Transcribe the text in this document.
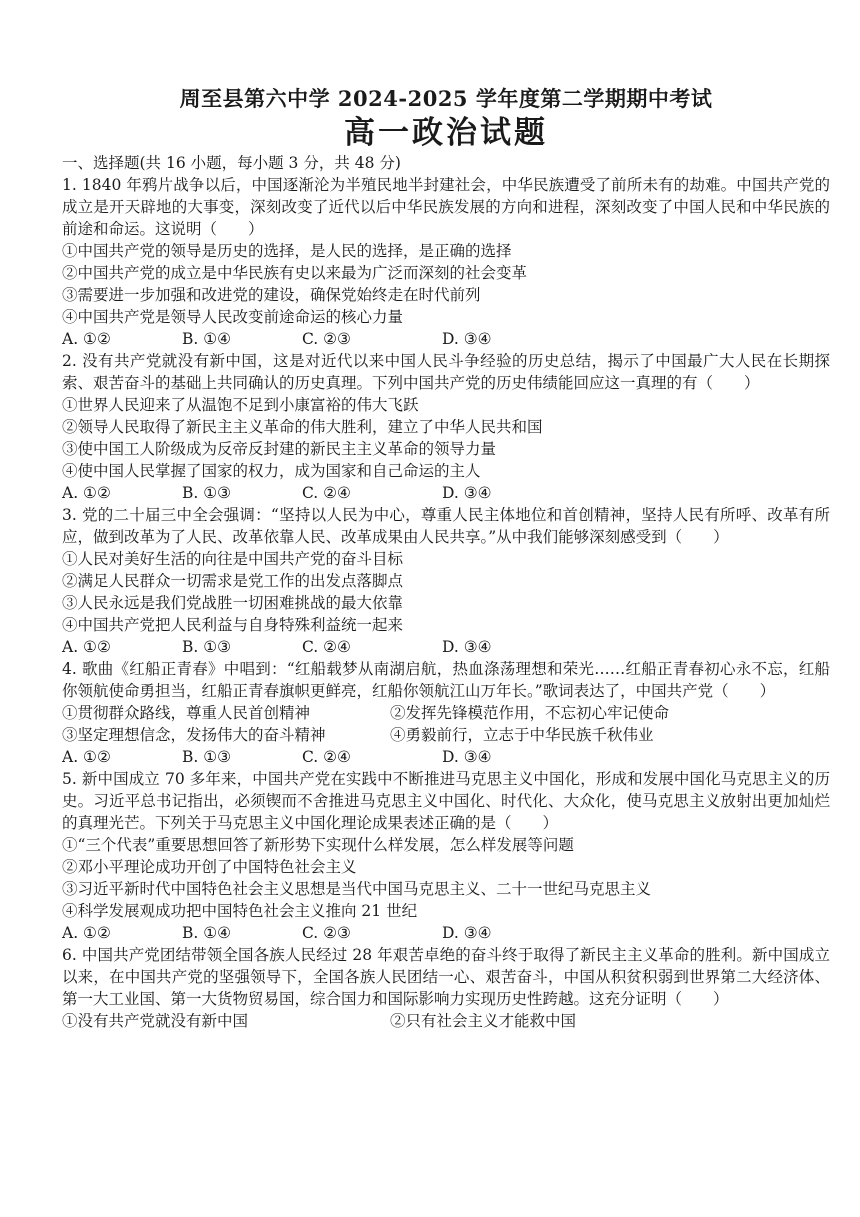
周至县第六中学 2024-2025 学年度第二学期期中考试
高一政治试题
一、选择题(共 16 小题，每小题 3 分，共 48 分)
1. 1840 年鸦片战争以后，中国逐渐沦为半殖民地半封建社会，中华民族遭受了前所未有的劫难。中国共产党的成立是开天辟地的大事变，深刻改变了近代以后中华民族发展的方向和进程，深刻改变了中国人民和中华民族的前途和命运。这说明（　　）
①中国共产党的领导是历史的选择，是人民的选择，是正确的选择
②中国共产党的成立是中华民族有史以来最为广泛而深刻的社会变革
③需要进一步加强和改进党的建设，确保党始终走在时代前列
④中国共产党是领导人民改变前途命运的核心力量
A. ①②	B. ①④	C. ②③	D. ③④
2. 没有共产党就没有新中国，这是对近代以来中国人民斗争经验的历史总结，揭示了中国最广大人民在长期探索、艰苦奋斗的基础上共同确认的历史真理。下列中国共产党的历史伟绩能回应这一真理的有（　　）
①世界人民迎来了从温饱不足到小康富裕的伟大飞跃
②领导人民取得了新民主主义革命的伟大胜利，建立了中华人民共和国
③使中国工人阶级成为反帝反封建的新民主主义革命的领导力量
④使中国人民掌握了国家的权力，成为国家和自己命运的主人
A. ①②	B. ①③	C. ②④	D. ③④
3. 党的二十届三中全会强调：“坚持以人民为中心，尊重人民主体地位和首创精神，坚持人民有所呼、改革有所应，做到改革为了人民、改革依靠人民、改革成果由人民共享。”从中我们能够深刻感受到（　　）
①人民对美好生活的向往是中国共产党的奋斗目标
②满足人民群众一切需求是党工作的出发点落脚点
③人民永远是我们党战胜一切困难挑战的最大依靠
④中国共产党把人民利益与自身特殊利益统一起来
A. ①②	B. ①③	C. ②④	D. ③④
4. 歌曲《红船正青春》中唱到：“红船载梦从南湖启航，热血涤荡理想和荣光……红船正青春初心永不忘，红船你领航使命勇担当，红船正青春旗帜更鲜亮，红船你领航江山万年长。”歌词表达了，中国共产党（　　）
①贯彻群众路线，尊重人民首创精神	②发挥先锋模范作用，不忘初心牢记使命
③坚定理想信念，发扬伟大的奋斗精神	④勇毅前行，立志于中华民族千秋伟业
A. ①②	B. ①③	C. ②④	D. ③④
5. 新中国成立 70 多年来，中国共产党在实践中不断推进马克思主义中国化，形成和发展中国化马克思主义的历史。习近平总书记指出，必须锲而不舍推进马克思主义中国化、时代化、大众化，使马克思主义放射出更加灿烂的真理光芒。下列关于马克思主义中国化理论成果表述正确的是（　　）
①“三个代表”重要思想回答了新形势下实现什么样发展，怎么样发展等问题
②邓小平理论成功开创了中国特色社会主义
③习近平新时代中国特色社会主义思想是当代中国马克思主义、二十一世纪马克思主义
④科学发展观成功把中国特色社会主义推向 21 世纪
A. ①②	B. ①④	C. ②③	D. ③④
6. 中国共产党团结带领全国各族人民经过 28 年艰苦卓绝的奋斗终于取得了新民主主义革命的胜利。新中国成立以来，在中国共产党的坚强领导下，全国各族人民团结一心、艰苦奋斗，中国从积贫积弱到世界第二大经济体、第一大工业国、第一大货物贸易国，综合国力和国际影响力实现历史性跨越。这充分证明（　　）
①没有共产党就没有新中国	②只有社会主义才能救中国
